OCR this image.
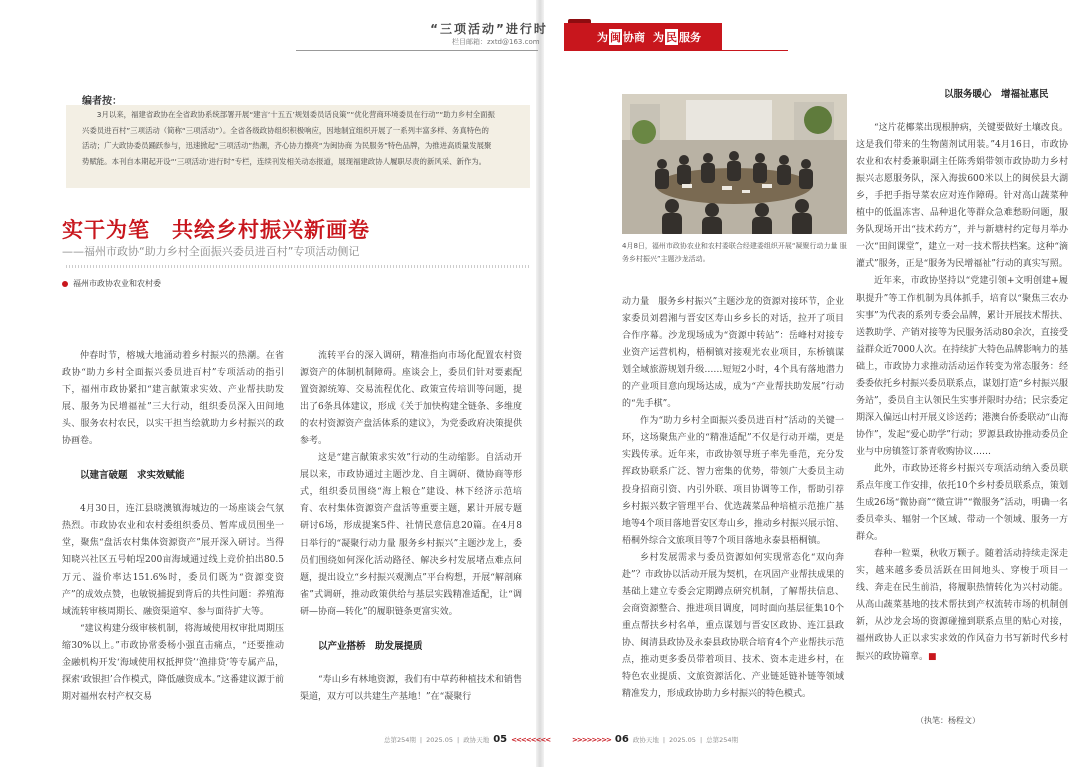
“三项活动”进行时
栏目邮箱：zxtd@163.com	为 闽 协商 为 民 服务
编者按：
3月以来，福建省政协在全省政协系统部署开展“建言‘十五五’规划委员话良策”“优化营商环境委员在行动”“助力乡村全面振兴委员进百村”三项活动（简称“三项活动”）。全省各级政协组织积极响应，因地制宜组织开展了一系列丰富多样、务真特色的活动；广大政协委员踊跃参与，迅速掀起“三项活动”热潮，齐心协力擦亮“为闽协商 为民服务”特色品牌，为推进高质量发展聚势赋能。本刊自本期起开设“‘三项活动’进行时”专栏，连续刊发相关动态报道，展现福建政协人履职尽责的新风采、新作为。
实干为笔　共绘乡村振兴新画卷
——福州市政协“助力乡村全面振兴委员进百村”专项活动侧记
福州市政协农业和农村委

仲春时节，榕城大地涌动着乡村振兴的热潮。在省政协“助力乡村全面振兴委员进百村”专项活动的指引下，福州市政协紧扣“建言献策求实效、产业帮扶助发展、服务为民增福祉”三大行动，组织委员深入田间地头、服务农村农民，以实干担当绘就助力乡村振兴的政协画卷。

以建言破题　求实效赋能

4月30日，连江县晓澳镇海城边的一场座谈会气氛热烈。市政协农业和农村委组织委员、暂库成员围坐一堂，聚焦“盘活农村集体资源资产”展开深入研讨。当得知晓兴社区五号帕埕200亩海域通过线上竞价拍出80.5万元、溢价率达151.6%时，委员们既为“资源变资产”的成效点赞，也敏锐捕捉到背后的共性问题：养殖海域流转审核周期长、融资渠道窄、参与面待扩大等。

“建议构建分级审核机制，将海域使用权审批周期压缩30%以上。”市政协常委杨小强直击痛点，“还要推动金融机构开发‘海域使用权抵押贷’‘渔排贷’等专属产品，探索‘政银担’合作模式，降低融资成本。”这番建议源于前期对福州农村产权交易

流转平台的深入调研，精准指向市场化配置农村资源资产的体制机制障碍。座谈会上，委员们针对要素配置资源统筹、交易流程优化、政策宣传培训等问题，提出了6条具体建议，形成《关于加快构建全链条、多维度的农村资源资产盘活体系的建议》，为党委政府决策提供参考。

这是“建言献策求实效”行动的生动缩影。自活动开展以来，市政协通过主题沙龙、自主调研、微协商等形式，组织委员围绕“海上粮仓”建设、林下经济示范培育、农村集体资源资产盘活等重要主题，累计开展专题研讨6场，形成提案5件、社情民意信息20篇。在4月8日举行的“凝聚行动力量 服务乡村振兴”主题沙龙上，委员们围绕如何深化活动路径、解决乡村发展堵点难点问题，提出设立“乡村振兴观测点”平台构想，开展“解剖麻雀”式调研，推动政策供给与基层实践精准适配，让“调研—协商—转化”的履职链条更富实效。

以产业搭桥　助发展提质

“寿山乡有林地资源，我们有中草药种植技术和销售渠道，双方可以共建生产基地！”在“凝聚行

4月8日，福州市政协农业和农村委联合经建委组织开展“凝聚行动力量 服务乡村振兴”主题沙龙活动。

动力量　服务乡村振兴”主题沙龙的资源对接环节，企业家委员刘碧湘与晋安区寿山乡乡长的对话，拉开了项目合作序幕。沙龙现场成为“资源中转站”：岳峰村对接专业资产运营机构，梧桐镇对接观光农业项目，东桥镇谋划全域旅游规划升级……短短2小时，4个具有落地潜力的产业项目意向现场达成，成为“产业帮扶助发展”行动的“先手棋”。

作为“助力乡村全面振兴委员进百村”活动的关键一环，这场聚焦产业的“精准适配”不仅是行动开端，更是实践传承。近年来，市政协领导班子率先垂范，充分发挥政协联系广泛、智力密集的优势，带领广大委员主动投身招商引资、内引外联、项目协调等工作，帮助引荐乡村振兴数字管理平台、优选蔬菜品种培植示范推广基地等4个项目落地晋安区寿山乡，推动乡村振兴展示馆、梧桐外综合文旅项目等7个项目落地永泰县梧桐镇。

乡村发展需求与委员资源如何实现常态化“双向奔赴”？市政协以活动开展为契机，在巩固产业帮扶成果的基础上建立专委会定期蹲点研究机制，了解帮扶信息、会商资源整合、推进项目调度，同时面向基层征集10个重点帮扶乡村名单，重点谋划与晋安区政协、连江县政协、闽清县政协及永泰县政协联合培育4个产业帮扶示范点，推动更多委员带着项目、技术、资本走进乡村，在特色农业提质、文旅资源活化、产业链延链补链等领域精准发力，形成政协助力乡村振兴的特色模式。

以服务暖心　增福祉惠民

“这片花椰菜出现根肿病，关键要做好土壤改良。这是我们带来的生物菌剂试用装。”4月16日，市政协农业和农村委兼职副主任陈秀娟带领市政协助力乡村振兴志愿服务队，深入海拔600米以上的闽侯县大湖乡，手把手指导菜农应对连作障碍。针对高山蔬菜种植中的低温冻害、品种退化等群众急难愁盼问题，服务队现场开出“技术药方”，并与新塘村约定每月举办一次“田间课堂”，建立一对一技术帮扶档案。这种“滴灌式”服务，正是“服务为民增福祉”行动的真实写照。

近年来，市政协坚持以“党建引领+文明创建+履职提升”等工作机制为具体抓手，培育以“聚焦三农办实事”为代表的系列专委会品牌，累计开展技术帮扶、送教助学、产销对接等为民服务活动80余次，直接受益群众近7000人次。在持续扩大特色品牌影响力的基础上，市政协力求推动活动运作转变为常态服务：经委委依托乡村振兴委员联系点，谋划打造“乡村振兴服务站”，委员自主认领民生实事并限时办结；民宗委定期深入偏远山村开展义诊送药；港澳台侨委联动“山海协作”，发起“爱心助学”行动；罗源县政协推动委员企业与中房镇签订茶青收购协议……

此外，市政协还将乡村振兴专项活动纳入委员联系点年度工作安排，依托10个乡村委员联系点，策划生成26场“微协商”“微宣讲”“微服务”活动，明确一名委员牵头、辐射一个区域、带动一个领域、服务一方群众。

春种一粒粟，秋收万颗子。随着活动持续走深走实，越来越多委员活跃在田间地头、穿梭于项目一线、奔走在民生前沿，将履职热情转化为兴村动能。从高山蔬菜基地的技术帮扶到产权流转市场的机制创新，从沙龙会场的资源碰撞到联系点里的贴心对接，福州政协人正以求实求效的作风奋力书写新时代乡村振兴的政协篇章。■

（执笔：杨程文）
总第254期 | 2025.05 | 政协天地 05 <<<<<<<<	>>>>>>>> 06 政协天地 | 2025.05 | 总第254期
